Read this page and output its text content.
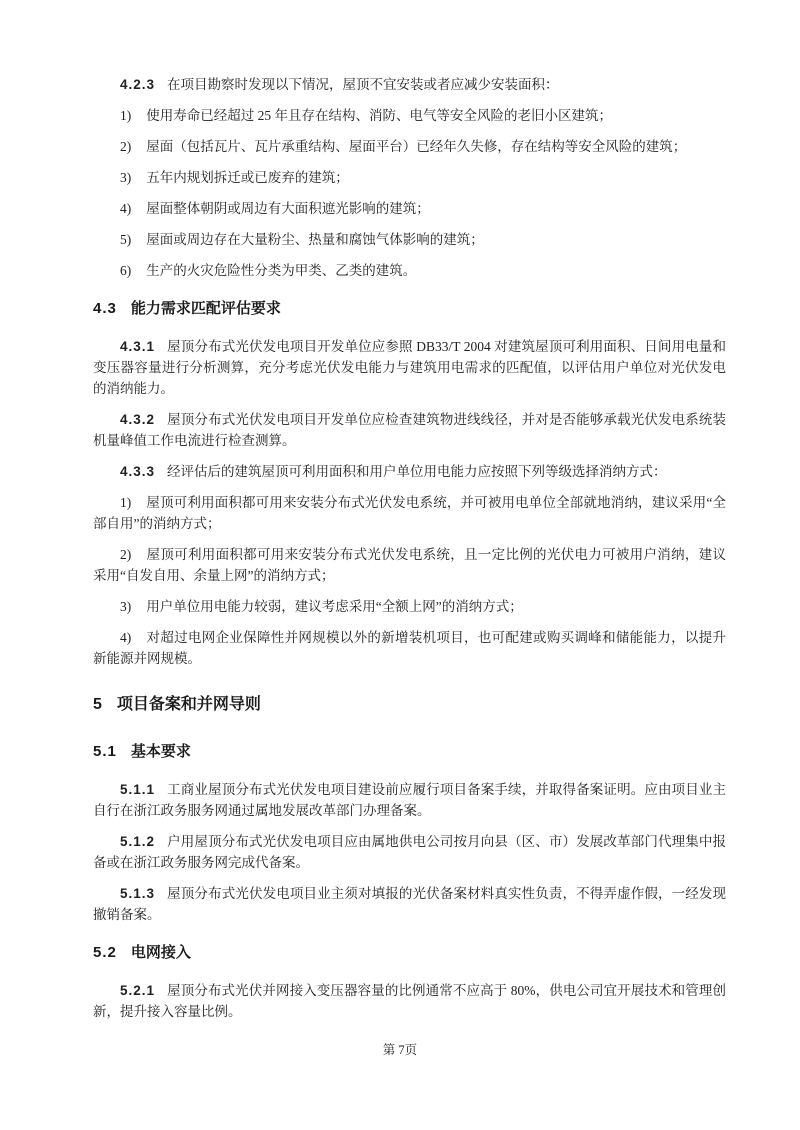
4.2.3 在项目勘察时发现以下情况，屋顶不宜安装或者应减少安装面积：

1) 使用寿命已经超过 25 年且存在结构、消防、电气等安全风险的老旧小区建筑；

2) 屋面（包括瓦片、瓦片承重结构、屋面平台）已经年久失修，存在结构等安全风险的建筑；

3) 五年内规划拆迁或已废弃的建筑；

4) 屋面整体朝阴或周边有大面积遮光影响的建筑；

5) 屋面或周边存在大量粉尘、热量和腐蚀气体影响的建筑；

6) 生产的火灾危险性分类为甲类、乙类的建筑。

4.3 能力需求匹配评估要求

4.3.1 屋顶分布式光伏发电项目开发单位应参照 DB33/T 2004 对建筑屋顶可利用面积、日间用电量和变压器容量进行分析测算，充分考虑光伏发电能力与建筑用电需求的匹配值，以评估用户单位对光伏发电的消纳能力。

4.3.2 屋顶分布式光伏发电项目开发单位应检查建筑物进线线径，并对是否能够承载光伏发电系统装机量峰值工作电流进行检查测算。

4.3.3 经评估后的建筑屋顶可利用面积和用户单位用电能力应按照下列等级选择消纳方式：

1) 屋顶可利用面积都可用来安装分布式光伏发电系统，并可被用电单位全部就地消纳，建议采用“全部自用”的消纳方式；

2) 屋顶可利用面积都可用来安装分布式光伏发电系统，且一定比例的光伏电力可被用户消纳，建议采用“自发自用、余量上网”的消纳方式；

3) 用户单位用电能力较弱，建议考虑采用“全额上网”的消纳方式；

4) 对超过电网企业保障性并网规模以外的新增装机项目，也可配建或购买调峰和储能能力，以提升新能源并网规模。

5 项目备案和并网导则
5.1 基本要求

5.1.1 工商业屋顶分布式光伏发电项目建设前应履行项目备案手续，并取得备案证明。应由项目业主自行在浙江政务服务网通过属地发展改革部门办理备案。

5.1.2 户用屋顶分布式光伏发电项目应由属地供电公司按月向县（区、市）发展改革部门代理集中报备或在浙江政务服务网完成代备案。

5.1.3 屋顶分布式光伏发电项目业主须对填报的光伏备案材料真实性负责，不得弄虚作假，一经发现撤销备案。

5.2 电网接入

5.2.1 屋顶分布式光伏并网接入变压器容量的比例通常不应高于 80%，供电公司宜开展技术和管理创新，提升接入容量比例。

第 7页
